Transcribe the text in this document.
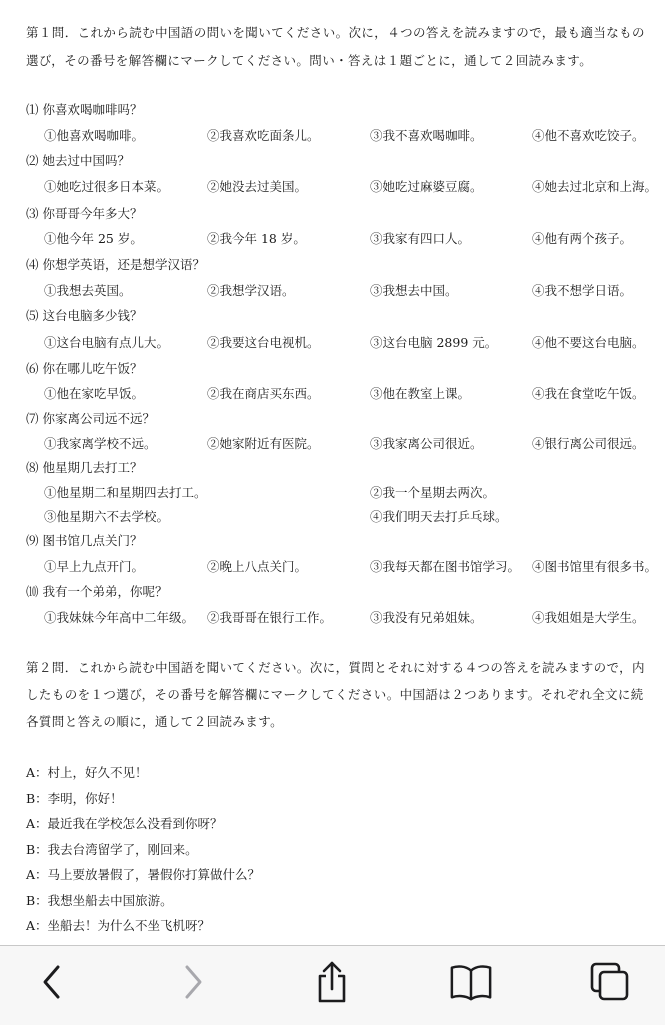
第１問．これから読む中国語の問いを聞いてください。次に，４つの答えを読みますので，最も適当なもの
選び，その番号を解答欄にマークしてください。問い・答えは１題ごとに，通して２回読みます。
⑴ 你喜欢喝咖啡吗？
①他喜欢喝咖啡。	②我喜欢吃面条儿。	③我不喜欢喝咖啡。	④他不喜欢吃饺子。
⑵ 她去过中国吗？
①她吃过很多日本菜。	②她没去过美国。	③她吃过麻婆豆腐。	④她去过北京和上海。
⑶ 你哥哥今年多大？
①他今年 25 岁。	②我今年 18 岁。	③我家有四口人。	④他有两个孩子。
⑷ 你想学英语，还是想学汉语？
①我想去英国。	②我想学汉语。	③我想去中国。	④我不想学日语。
⑸ 这台电脑多少钱？
①这台电脑有点儿大。	②我要这台电视机。	③这台电脑 2899 元。	④他不要这台电脑。
⑹ 你在哪儿吃午饭？
①他在家吃早饭。	②我在商店买东西。	③他在教室上课。	④我在食堂吃午饭。
⑺ 你家离公司远不远？
①我家离学校不远。	②她家附近有医院。	③我家离公司很近。	④银行离公司很远。
⑻ 他星期几去打工？
①他星期二和星期四去打工。	②我一个星期去两次。
③他星期六不去学校。	④我们明天去打乒乓球。
⑼ 图书馆几点关门？
①早上九点开门。	②晚上八点关门。	③我每天都在图书馆学习。 ④图书馆里有很多书。
⑽ 我有一个弟弟，你呢？
①我妹妹今年高中二年级。 ②我哥哥在银行工作。	③我没有兄弟姐妹。	④我姐姐是大学生。
第２問．これから読む中国語を聞いてください。次に，質問とそれに対する４つの答えを読みますので，内
したものを１つ選び，その番号を解答欄にマークしてください。中国語は２つあります。それぞれ全文に続
各質問と答えの順に，通して２回読みます。
A：村上，好久不见！
B：李明，你好！
A：最近我在学校怎么没看到你呀？
B：我去台湾留学了，刚回来。
A：马上要放暑假了，暑假你打算做什么？
B：我想坐船去中国旅游。
A：坐船去！为什么不坐飞机呀？
